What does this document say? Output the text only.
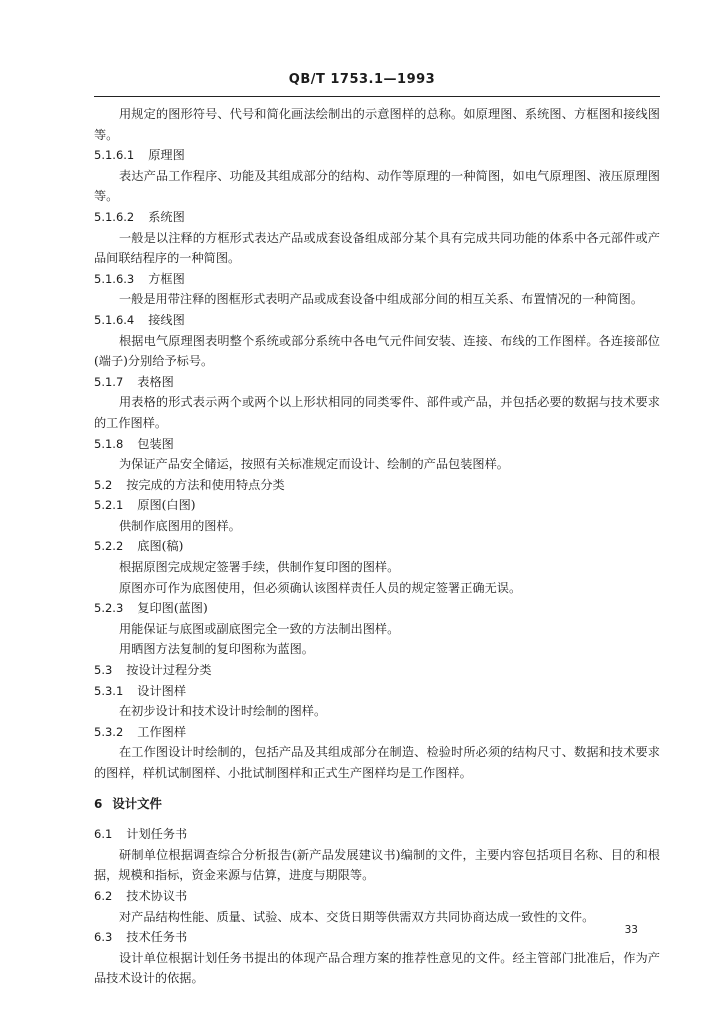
QB/T 1753.1—1993

用规定的图形符号、代号和简化画法绘制出的示意图样的总称。如原理图、系统图、方框图和接线图等。

5.1.6.1 原理图

表达产品工作程序、功能及其组成部分的结构、动作等原理的一种简图，如电气原理图、液压原理图等。

5.1.6.2 系统图

一般是以注释的方框形式表达产品或成套设备组成部分某个具有完成共同功能的体系中各元部件或产品间联结程序的一种简图。

5.1.6.3 方框图

一般是用带注释的图框形式表明产品或成套设备中组成部分间的相互关系、布置情况的一种简图。

5.1.6.4 接线图

根据电气原理图表明整个系统或部分系统中各电气元件间安装、连接、布线的工作图样。各连接部位(端子)分别给予标号。

5.1.7 表格图

用表格的形式表示两个或两个以上形状相同的同类零件、部件或产品，并包括必要的数据与技术要求的工作图样。

5.1.8 包装图

为保证产品安全储运，按照有关标准规定而设计、绘制的产品包装图样。

5.2 按完成的方法和使用特点分类

5.2.1 原图(白图)

供制作底图用的图样。

5.2.2 底图(稿)

根据原图完成规定签署手续，供制作复印图的图样。

原图亦可作为底图使用，但必须确认该图样责任人员的规定签署正确无误。

5.2.3 复印图(蓝图)

用能保证与底图或副底图完全一致的方法制出图样。

用晒图方法复制的复印图称为蓝图。

5.3 按设计过程分类

5.3.1 设计图样

在初步设计和技术设计时绘制的图样。

5.3.2 工作图样

在工作图设计时绘制的，包括产品及其组成部分在制造、检验时所必须的结构尺寸、数据和技术要求的图样，样机试制图样、小批试制图样和正式生产图样均是工作图样。

6 设计文件

6.1 计划任务书

研制单位根据调查综合分析报告(新产品发展建议书)编制的文件，主要内容包括项目名称、目的和根据，规模和指标，资金来源与估算，进度与期限等。

6.2 技术协议书

对产品结构性能、质量、试验、成本、交货日期等供需双方共同协商达成一致性的文件。

6.3 技术任务书

设计单位根据计划任务书提出的体现产品合理方案的推荐性意见的文件。经主管部门批准后，作为产品技术设计的依据。

33
